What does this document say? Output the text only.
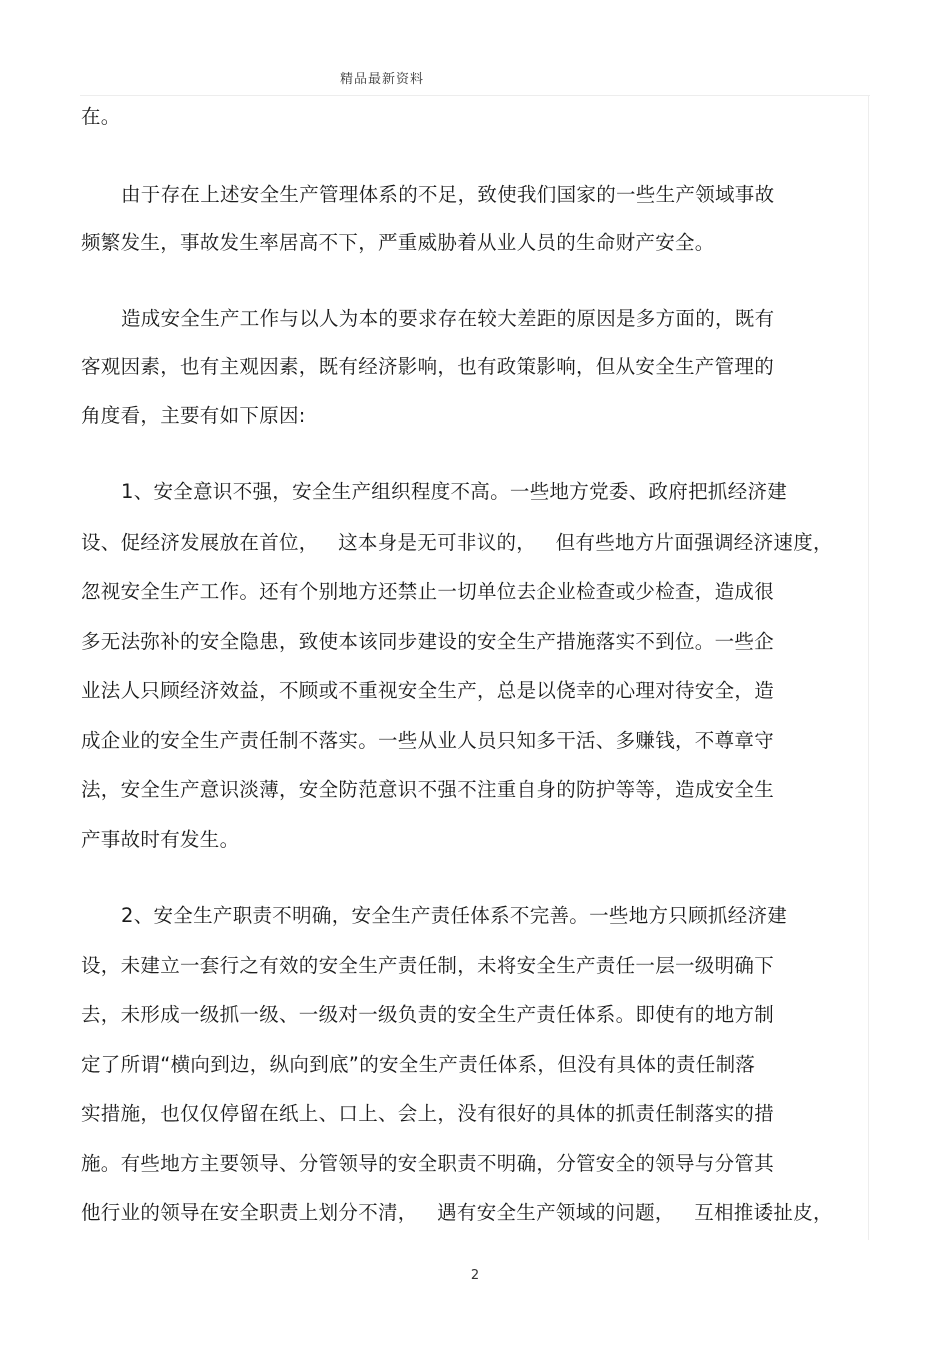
精品最新资料
在。
由于存在上述安全生产管理体系的不足，致使我们国家的一些生产领域事故
频繁发生，事故发生率居高不下，严重威胁着从业人员的生命财产安全。
造成安全生产工作与以人为本的要求存在较大差距的原因是多方面的，既有
客观因素，也有主观因素，既有经济影响，也有政策影响，但从安全生产管理的
角度看，主要有如下原因:
1、安全意识不强，安全生产组织程度不高。一些地方党委、政府把抓经济建
设、促经济发展放在首位，   这本身是无可非议的，   但有些地方片面强调经济速度，
忽视安全生产工作。还有个别地方还禁止一切单位去企业检查或少检查，造成很
多无法弥补的安全隐患，致使本该同步建设的安全生产措施落实不到位。一些企
业法人只顾经济效益，不顾或不重视安全生产，总是以侥幸的心理对待安全，造
成企业的安全生产责任制不落实。一些从业人员只知多干活、多赚钱，不尊章守
法，安全生产意识淡薄，安全防范意识不强不注重自身的防护等等，造成安全生
产事故时有发生。
2、安全生产职责不明确，安全生产责任体系不完善。一些地方只顾抓经济建
设，未建立一套行之有效的安全生产责任制，未将安全生产责任一层一级明确下
去，未形成一级抓一级、一级对一级负责的安全生产责任体系。即使有的地方制
定了所谓“横向到边，纵向到底”的安全生产责任体系，但没有具体的责任制落
实措施，也仅仅停留在纸上、口上、会上，没有很好的具体的抓责任制落实的措
施。有些地方主要领导、分管领导的安全职责不明确，分管安全的领导与分管其
他行业的领导在安全职责上划分不清，   遇有安全生产领域的问题，   互相推诿扯皮，
2
